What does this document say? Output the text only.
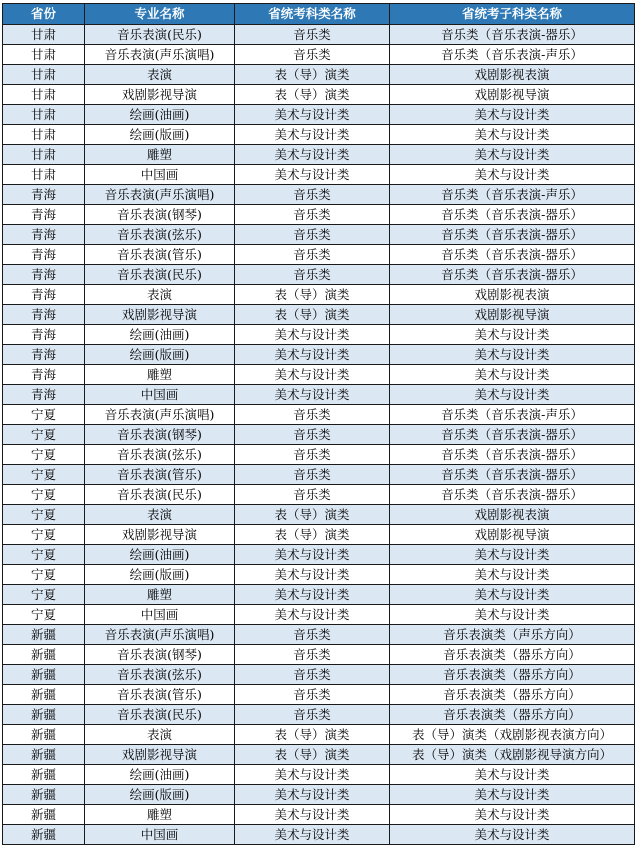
省份	专业名称	省统考科类名称	省统考子科类名称
甘肃	音乐表演(民乐)	音乐类	音乐类（音乐表演-器乐）
甘肃	音乐表演(声乐演唱)	音乐类	音乐类（音乐表演-声乐）
甘肃	表演	表（导）演类	戏剧影视表演
甘肃	戏剧影视导演	表（导）演类	戏剧影视导演
甘肃	绘画(油画)	美术与设计类	美术与设计类
甘肃	绘画(版画)	美术与设计类	美术与设计类
甘肃	雕塑	美术与设计类	美术与设计类
甘肃	中国画	美术与设计类	美术与设计类
青海	音乐表演(声乐演唱)	音乐类	音乐类（音乐表演-声乐）
青海	音乐表演(钢琴)	音乐类	音乐类（音乐表演-器乐）
青海	音乐表演(弦乐)	音乐类	音乐类（音乐表演-器乐）
青海	音乐表演(管乐)	音乐类	音乐类（音乐表演-器乐）
青海	音乐表演(民乐)	音乐类	音乐类（音乐表演-器乐）
青海	表演	表（导）演类	戏剧影视表演
青海	戏剧影视导演	表（导）演类	戏剧影视导演
青海	绘画(油画)	美术与设计类	美术与设计类
青海	绘画(版画)	美术与设计类	美术与设计类
青海	雕塑	美术与设计类	美术与设计类
青海	中国画	美术与设计类	美术与设计类
宁夏	音乐表演(声乐演唱)	音乐类	音乐类（音乐表演-声乐）
宁夏	音乐表演(钢琴)	音乐类	音乐类（音乐表演-器乐）
宁夏	音乐表演(弦乐)	音乐类	音乐类（音乐表演-器乐）
宁夏	音乐表演(管乐)	音乐类	音乐类（音乐表演-器乐）
宁夏	音乐表演(民乐)	音乐类	音乐类（音乐表演-器乐）
宁夏	表演	表（导）演类	戏剧影视表演
宁夏	戏剧影视导演	表（导）演类	戏剧影视导演
宁夏	绘画(油画)	美术与设计类	美术与设计类
宁夏	绘画(版画)	美术与设计类	美术与设计类
宁夏	雕塑	美术与设计类	美术与设计类
宁夏	中国画	美术与设计类	美术与设计类
新疆	音乐表演(声乐演唱)	音乐类	音乐表演类（声乐方向）
新疆	音乐表演(钢琴)	音乐类	音乐表演类（器乐方向）
新疆	音乐表演(弦乐)	音乐类	音乐表演类（器乐方向）
新疆	音乐表演(管乐)	音乐类	音乐表演类（器乐方向）
新疆	音乐表演(民乐)	音乐类	音乐表演类（器乐方向）
新疆	表演	表（导）演类	表（导）演类（戏剧影视表演方向）
新疆	戏剧影视导演	表（导）演类	表（导）演类（戏剧影视导演方向）
新疆	绘画(油画)	美术与设计类	美术与设计类
新疆	绘画(版画)	美术与设计类	美术与设计类
新疆	雕塑	美术与设计类	美术与设计类
新疆	中国画	美术与设计类	美术与设计类
